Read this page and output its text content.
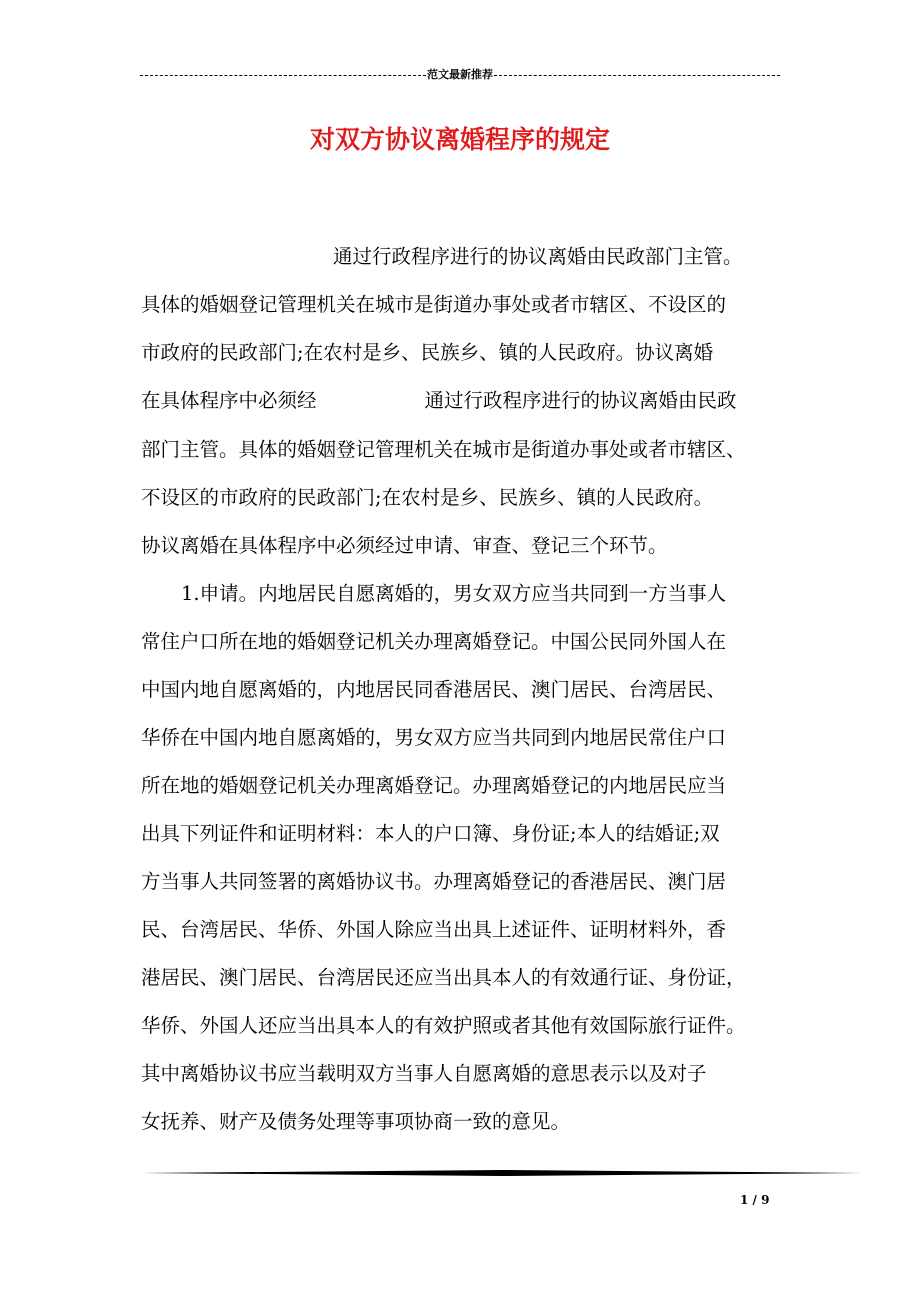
范文最新推荐
对双方协议离婚程序的规定
通过行政程序进行的协议离婚由民政部门主管。
具体的婚姻登记管理机关在城市是街道办事处或者市辖区、不设区的
市政府的民政部门;在农村是乡、民族乡、镇的人民政府。协议离婚
在具体程序中必须经	通过行政程序进行的协议离婚由民政
部门主管。具体的婚姻登记管理机关在城市是街道办事处或者市辖区、
不设区的市政府的民政部门;在农村是乡、民族乡、镇的人民政府。
协议离婚在具体程序中必须经过申请、审查、登记三个环节。
1.申请。内地居民自愿离婚的，男女双方应当共同到一方当事人
常住户口所在地的婚姻登记机关办理离婚登记。中国公民同外国人在
中国内地自愿离婚的，内地居民同香港居民、澳门居民、台湾居民、
华侨在中国内地自愿离婚的，男女双方应当共同到内地居民常住户口
所在地的婚姻登记机关办理离婚登记。办理离婚登记的内地居民应当
出具下列证件和证明材料：本人的户口簿、身份证;本人的结婚证;双
方当事人共同签署的离婚协议书。办理离婚登记的香港居民、澳门居
民、台湾居民、华侨、外国人除应当出具上述证件、证明材料外，香
港居民、澳门居民、台湾居民还应当出具本人的有效通行证、身份证，
华侨、外国人还应当出具本人的有效护照或者其他有效国际旅行证件。
其中离婚协议书应当载明双方当事人自愿离婚的意思表示以及对子
女抚养、财产及债务处理等事项协商一致的意见。
1 / 9
